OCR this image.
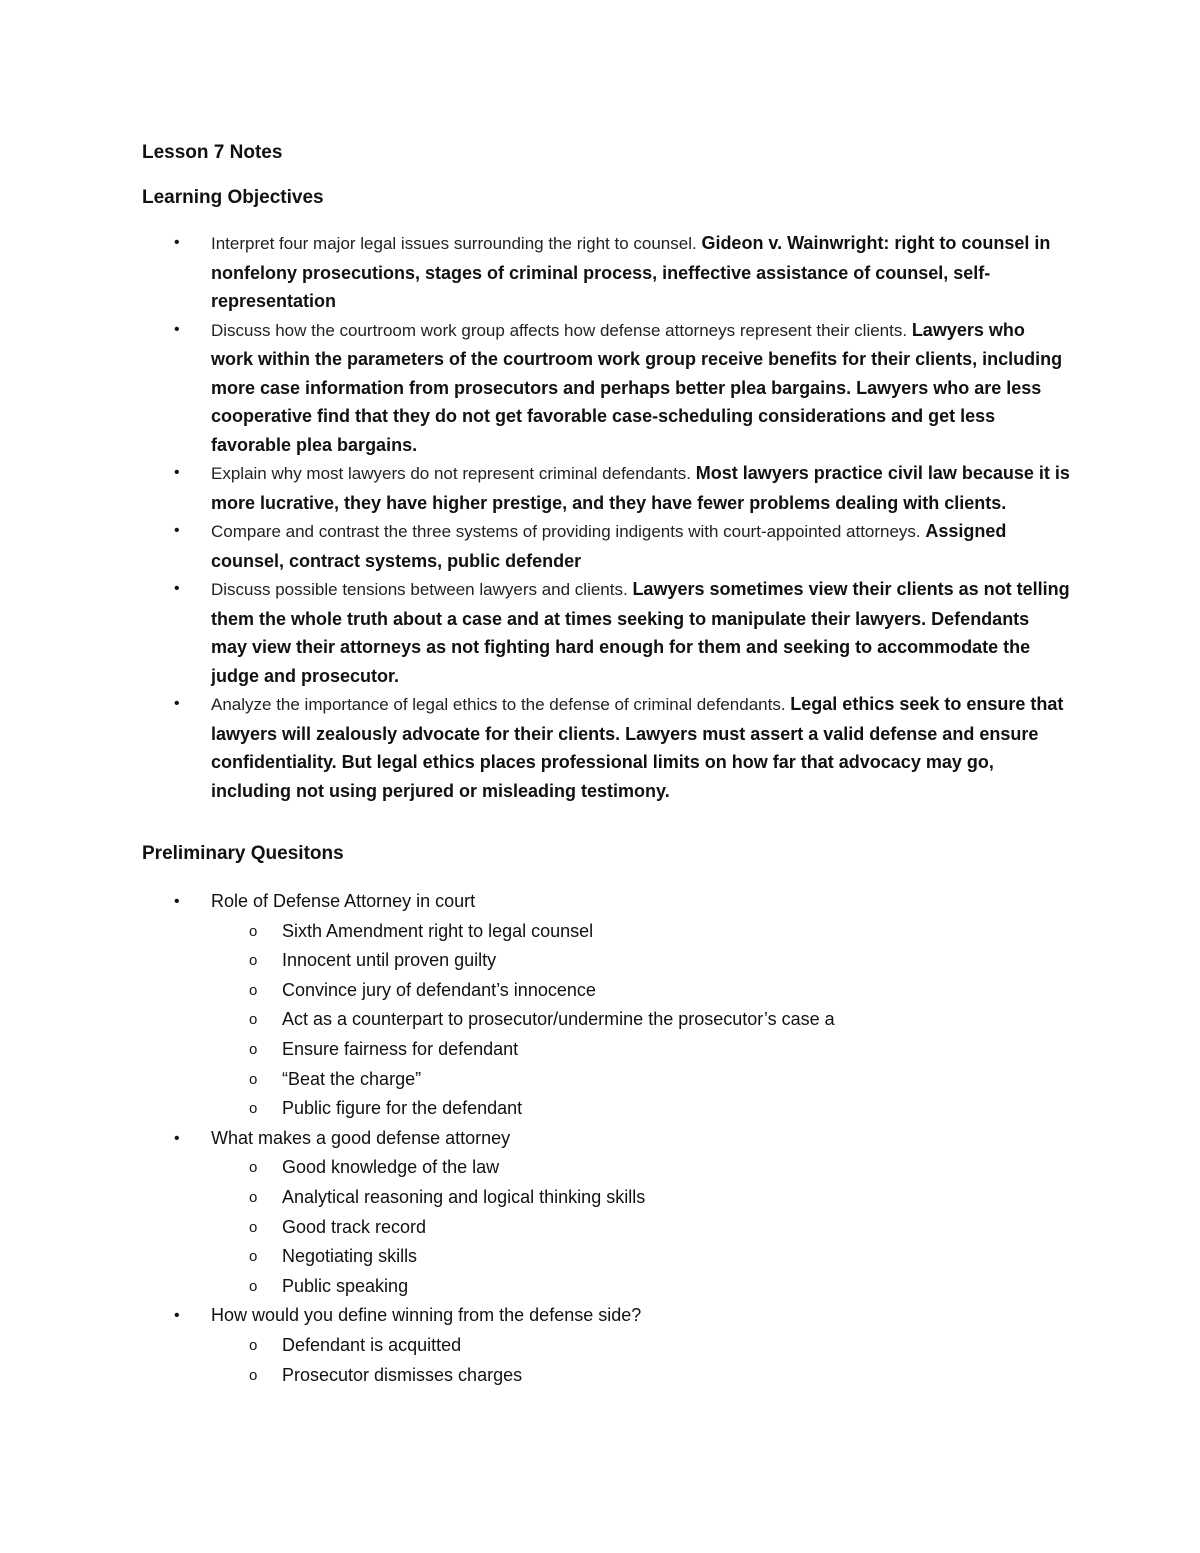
Lesson 7 Notes
Learning Objectives
• Interpret four major legal issues surrounding the right to counsel. Gideon v. Wainwright: right to counsel in nonfelony prosecutions, stages of criminal process, ineffective assistance of counsel, self-representation
• Discuss how the courtroom work group affects how defense attorneys represent their clients. Lawyers who work within the parameters of the courtroom work group receive benefits for their clients, including more case information from prosecutors and perhaps better plea bargains. Lawyers who are less cooperative find that they do not get favorable case-scheduling considerations and get less favorable plea bargains.
• Explain why most lawyers do not represent criminal defendants. Most lawyers practice civil law because it is more lucrative, they have higher prestige, and they have fewer problems dealing with clients.
• Compare and contrast the three systems of providing indigents with court-appointed attorneys. Assigned counsel, contract systems, public defender
• Discuss possible tensions between lawyers and clients. Lawyers sometimes view their clients as not telling them the whole truth about a case and at times seeking to manipulate their lawyers. Defendants may view their attorneys as not fighting hard enough for them and seeking to accommodate the judge and prosecutor.
• Analyze the importance of legal ethics to the defense of criminal defendants. Legal ethics seek to ensure that lawyers will zealously advocate for their clients. Lawyers must assert a valid defense and ensure confidentiality. But legal ethics places professional limits on how far that advocacy may go, including not using perjured or misleading testimony.
Preliminary Quesitons
• Role of Defense Attorney in court
o Sixth Amendment right to legal counsel
o Innocent until proven guilty
o Convince jury of defendant’s innocence
o Act as a counterpart to prosecutor/undermine the prosecutor’s case a
o Ensure fairness for defendant
o “Beat the charge”
o Public figure for the defendant
• What makes a good defense attorney
o Good knowledge of the law
o Analytical reasoning and logical thinking skills
o Good track record
o Negotiating skills
o Public speaking
• How would you define winning from the defense side?
o Defendant is acquitted
o Prosecutor dismisses charges
